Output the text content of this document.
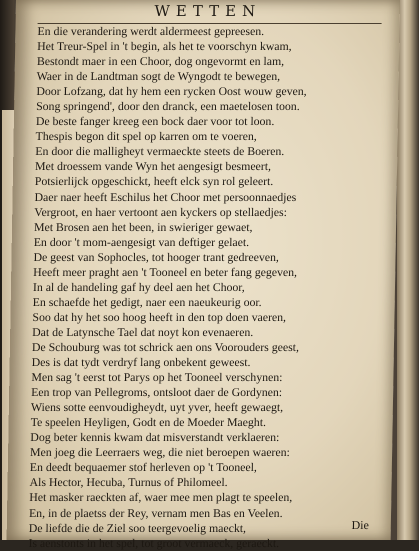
WETTEN
En die verandering werdt aldermeest gepreesen.
Het Treur-Spel in 't begin, als het te voorschyn kwam,
Bestondt maer in een Choor, dog ongevormt en lam,
Waer in de Landtman sogt de Wyngodt te bewegen,
Door Lofzang, dat hy hem een rycken Oost wouw geven,
Song springend', door den dranck, een maetelosen toon.
De beste fanger kreeg een bock daer voor tot loon.
Thespis begon dit spel op karren om te voeren,
En door die malligheyt vermaeckte steets de Boeren.
Met droessem vande Wyn het aengesigt besmeert,
Potsierlijck opgeschickt, heeft elck syn rol geleert.
Daer naer heeft Eschilus het Choor met persoonnaedjes
Vergroot, en haer vertoont aen kyckers op stellaedjes:
Met Brosen aen het been, in swieriger gewaet,
En door 't mom-aengesigt van deftiger gelaet.
De geest van Sophocles, tot hooger trant gedreeven,
Heeft meer praght aen 't Tooneel en beter fang gegeven,
In al de handeling gaf hy deel aen het Choor,
En schaefde het gedigt, naer een naeukeurig oor.
Soo dat hy het soo hoog heeft in den top doen vaeren,
Dat de Latynsche Tael dat noyt kon evenaeren.
De Schouburg was tot schrick aen ons Voorouders geest,
Des is dat tydt verdryf lang onbekent geweest.
Men sag 't eerst tot Parys op het Tooneel verschynen:
Een trop van Pellegroms, ontsloot daer de Gordynen:
Wiens sotte eenvoudigheydt, uyt yver, heeft gewaegt,
Te speelen Heyligen, Godt en de Moeder Maeght.
Dog beter kennis kwam dat misverstandt verklaeren:
Men joeg die Leerraers weg, die niet beroepen waeren:
En deedt bequaemer stof herleven op 't Tooneel,
Als Hector, Hecuba, Turnus of Philomeel.
Het masker raeckten af, waer mee men plagt te speelen,
En, in de plaetss der Rey, vernam men Bas en Veelen.
De liefde die de Ziel soo teergevoelig maeckt,
Is aenstonts in het spel, tot groot vermaeck, geraeckt.
Die
